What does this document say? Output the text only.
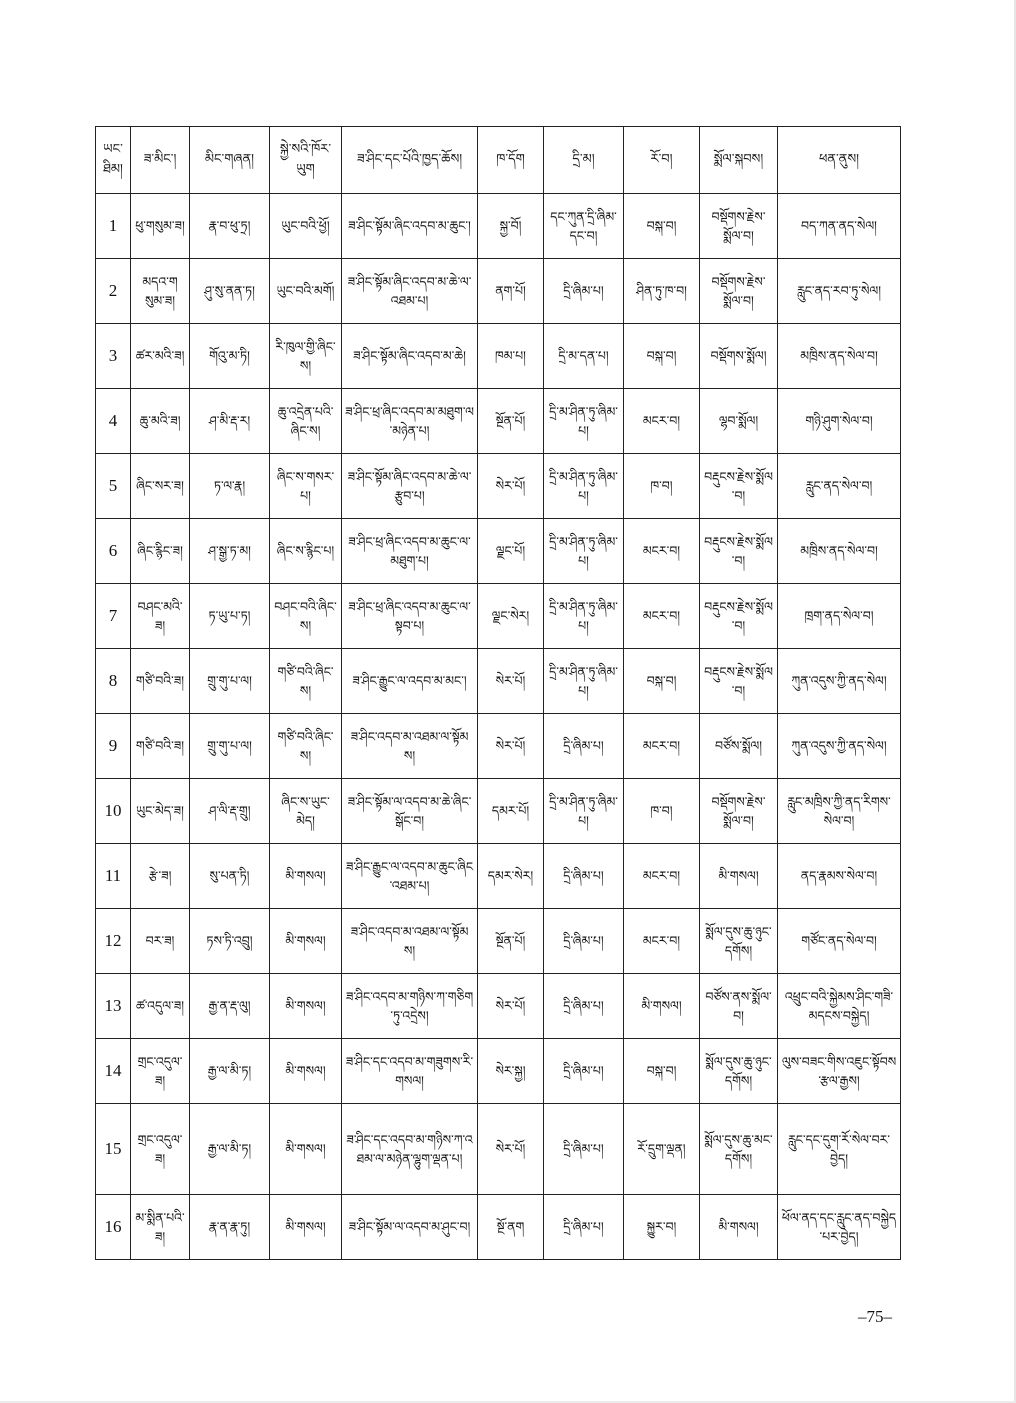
ཡང་ཐིམ།	ཟ་མིང་།	མིང་གཞན།	སྐྱེ་སའི་ཁོར་ཡུག	ཟ་ཤིང་དང་པོའི་ཁྱད་ཆོས།	ཁ་དོག	དྲི་མ།	རོ་བ།	སྨོལ་སྐབས།	ཕན་ནུས།
1	ཕུ་གསུམ་ཟ།	རྣ་བ་ཕུ་ཏྲ།	ཡུང་བའི་ཕྱོ།	ཟ་ཤིང་སྟོམ་ཞིང་འདབ་མ་ཆུང་།	སྐྱ་བོ།	དང་ཀུན་དྲི་ཞིམ་དང་བ།	བསྐ་བ།	བསྡོགས་རྗེས་སྨོལ་བ།	བད་ཀན་ནད་སེལ།
2	མདའ་གསུམ་ཟ།	ཤུ་སུ་ནན་ཏ།	ཡུང་བའི་མགོ།	ཟ་ཤིང་སྟོམ་ཞིང་འདབ་མ་ཆེ་ལ་འཐམ་པ།	ནག་པོ།	དྲི་ཞིམ་པ།	ཤིན་ཏུ་ཁ་བ།	བསྡོགས་རྗེས་སྨོལ་བ།	རླུང་ནད་རབ་ཏུ་སེལ།
3	ཚར་མའི་ཟ།	གོའུ་མ་ཏི།	རི་ཁུལ་གྱི་ཞིང་ས།	ཟ་ཤིང་སྟོམ་ཞིང་འདབ་མ་ཆེ།	ཁམ་པ།	དྲི་མ་དན་པ།	བསྐ་བ།	བསྡོགས་སྨོལ།	མཁྲིས་ནད་སེལ་བ།
4	ཆུ་མའི་ཟ།	ཤ་མི་རྡ་ར།	ཆུ་འདྲེན་པའི་ཞིང་ས།	ཟ་ཤིང་ཕྲ་ཞིང་འདབ་མ་མཐུག་ལ་མཉེན་པ།	སྔོན་པོ།	དྲི་མ་ཤིན་ཏུ་ཞིམ་པ།	མངར་བ།	ལྷབ་སྨོལ།	གཉི་ཤུག་སེལ་བ།
5	ཞིང་སར་ཟ།	ཏ་ལ་རྣ།	ཞིང་ས་གསར་པ།	ཟ་ཤིང་སྟོམ་ཞིང་འདབ་མ་ཆེ་ལ་རྩུབ་པ།	སེར་པོ།	དྲི་མ་ཤིན་ཏུ་ཞིམ་པ།	ཁ་བ།	བརྡུངས་རྗེས་སྨོལ་བ།	རླུང་ནད་སེལ་བ།
6	ཞིང་རྙིང་ཟ།	ཤ་སྒྱ་ཏ་མ།	ཞིང་ས་རྙིང་པ།	ཟ་ཤིང་ཕྲ་ཞིང་འདབ་མ་ཆུང་ལ་མཐུག་པ།	ལྗང་པོ།	དྲི་མ་ཤིན་ཏུ་ཞིམ་པ།	མངར་བ།	བརྡུངས་རྗེས་སྨོལ་བ།	མཁྲིས་ནད་སེལ་བ།
7	བཤང་མའི་ཟ།	ཏ་ཡུ་པ་ཏ།	བཤང་བའི་ཞིང་ས།	ཟ་ཤིང་ཕྲ་ཞིང་འདབ་མ་ཆུང་ལ་སྟབ་པ།	ལྗང་སེར།	དྲི་མ་ཤིན་ཏུ་ཞིམ་པ།	མངར་བ།	བརྡུངས་རྗེས་སྨོལ་བ།	ཁྲག་ནད་སེལ་བ།
8	གཙི་བའི་ཟ།	གྲུ་གུ་པ་ལ།	གཙི་བའི་ཞིང་ས།	ཟ་ཤིང་རྒྱུང་ལ་འདབ་མ་མང་།	སེར་པོ།	དྲི་མ་ཤིན་ཏུ་ཞིམ་པ།	བསྐ་བ།	བརྡུངས་རྗེས་སྨོལ་བ།	ཀུན་འདུས་ཀྱི་ནད་སེལ།
9	གཙི་བའི་ཟ།	གྲུ་གུ་པ་ལ།	གཙི་བའི་ཞིང་ས།	ཟ་ཤིང་འདབ་མ་འཐམ་ལ་སྟོམས།	སེར་པོ།	དྲི་ཞིམ་པ།	མངར་བ།	བཙོས་སྨོལ།	ཀུན་འདུས་ཀྱི་ནད་སེལ།
10	ཡུང་མེད་ཟ།	ཤ་ལི་རྡ་གྲུ།	ཞིང་ས་ཡུང་མེད།	ཟ་ཤིང་སྟོམ་ལ་འདབ་མ་ཆེ་ཞིང་སྒོང་བ།	དམར་པོ།	དྲི་མ་ཤིན་ཏུ་ཞིམ་པ།	ཁ་བ།	བསྡོགས་རྗེས་སྨོལ་བ།	རླུང་མཁྲིས་ཀྱི་ནད་རིགས་སེལ་བ།
11	རྩེ་ཟ།	སུ་པན་ཏི།	མི་གསལ།	ཟ་ཤིང་རྒྱུང་ལ་འདབ་མ་ཆུང་ཞིང་འཐམ་པ།	དམར་སེར།	དྲི་ཞིམ་པ།	མངར་བ།	མི་གསལ།	ནད་རྣམས་སེལ་བ།
12	བར་ཟ།	ཏས་ཏི་འབྲུ།	མི་གསལ།	ཟ་ཤིང་འདབ་མ་འཐམ་ལ་སྟོམས།	སྔོན་པོ།	དྲི་ཞིམ་པ།	མངར་བ།	སྨོལ་དུས་ཆུ་ཉུང་དགོས།	གཙོང་ནད་སེལ་བ།
13	ཚ་འདུལ་ཟ།	རྒྱ་ན་རྡ་ལུ།	མི་གསལ།	ཟ་ཤིང་འདབ་མ་གཉིས་ཀ་གཅིག་ཏུ་འདྲེས།	སེར་པོ།	དྲི་ཞིམ་པ།	མི་གསལ།	བཙོས་ནས་སྨོལ་བ།	འཕྲུང་བའི་སྐྱེམས་ཤིང་གཟི་མདངས་བསྐྱེད།
14	གྲང་འདུལ་ཟ།	རྒྱ་ལ་མི་ཏ།	མི་གསལ།	ཟ་ཤིང་དང་འདབ་མ་གཟུགས་རི་གསལ།	སེར་སྐྱ།	དྲི་ཞིམ་པ།	བསྐ་བ།	སྨོལ་དུས་ཆུ་ཉུང་དགོས།	ལུས་བཟང་གིས་འཇུང་སྟོབས་རྩལ་རྒྱས།
15	གྲང་འདུལ་ཟ།	རྒྱ་ལ་མི་ཏ།	མི་གསལ།	ཟ་ཤིང་དང་འདབ་མ་གཉིས་ཀ་འཐམ་ལ་མཉེན་ལྷུག་ལྡན་པ།	སེར་པོ།	དྲི་ཞིམ་པ།	རོ་དྲུག་ལྡན།	སྨོལ་དུས་ཆུ་མང་དགོས།	རླུང་དང་དུག་རོ་སེལ་བར་བྱེད།
16	མ་སྨིན་པའི་ཟ།	རྣ་ན་རྣ་ཏུ།	མི་གསལ།	ཟ་ཤིང་སྟོམ་ལ་འདབ་མ་ཤུང་བ།	སྔོ་ནག	དྲི་ཞིམ་པ།	སྐྱུར་བ།	མི་གསལ།	ཕོལ་ནད་དང་རླུང་ནད་བསྐྱེད་པར་བྱེད།
–75–
